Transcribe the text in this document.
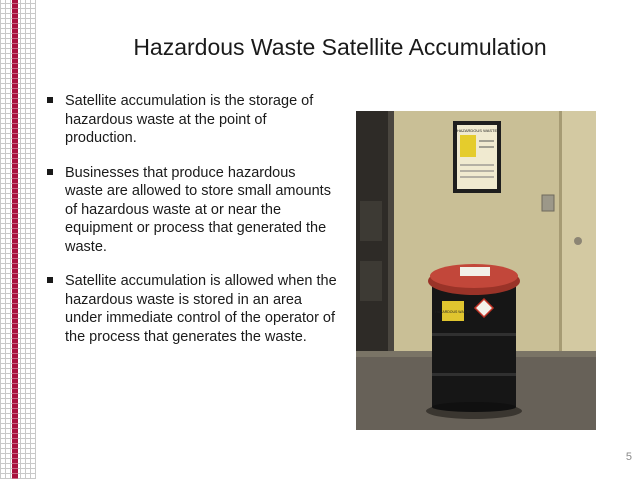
Hazardous Waste Satellite Accumulation
Satellite accumulation is the storage of hazardous waste at the point of production.
Businesses that produce hazardous waste are allowed to store small amounts of hazardous waste at or near the equipment or process that generated the waste.
Satellite accumulation is allowed when the hazardous waste is stored in an area under immediate control of the operator of the process that generates the waste.
HAZARDOUS WASTE
HAZARDOUS WASTE
5
